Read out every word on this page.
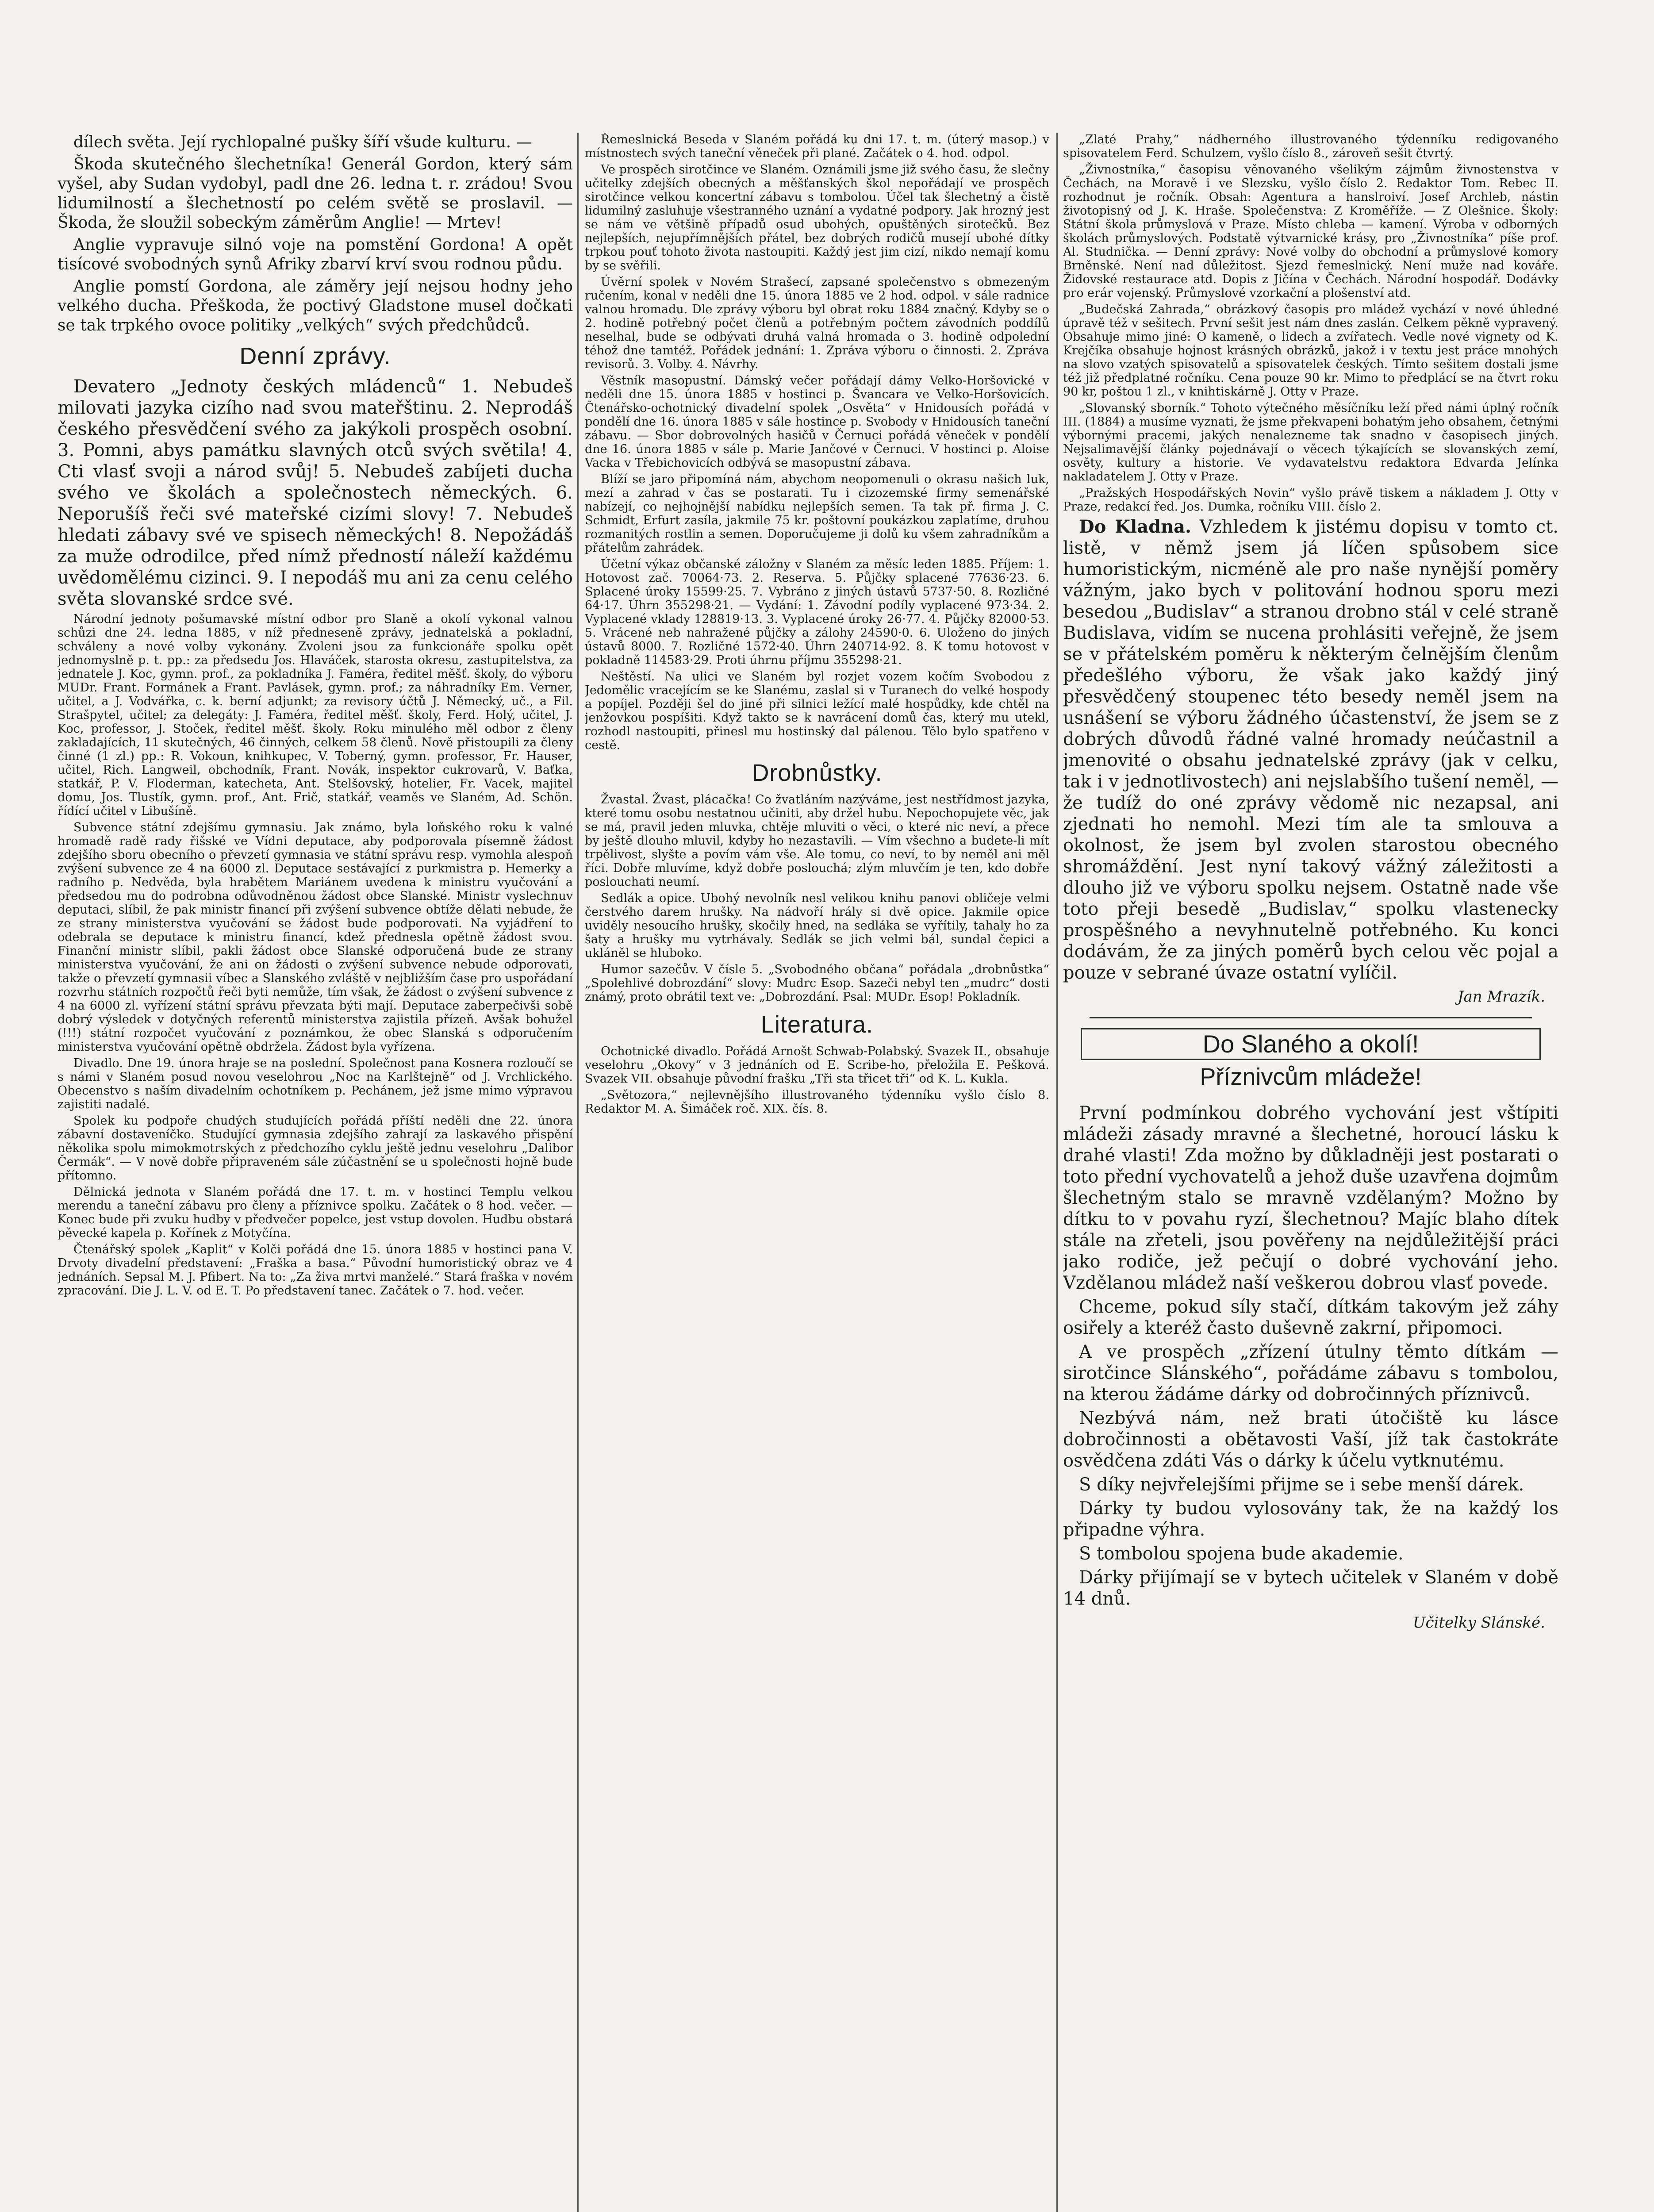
dílech světa. Její rychlopalné pušky šíří všude kulturu. —

Škoda skutečného šlechetníka! Generál Gordon, který sám vyšel, aby Sudan vydobyl, padl dne 26. ledna t. r. zrádou! Svou lidumilností a šlechetností po celém světě se proslavil. — Škoda, že sloužil sobeckým záměrům Anglie! — Mrtev!

Anglie vypravuje silnó voje na pomstění Gordona! A opět tisícové svobodných synů Afriky zbarví krví svou rodnou půdu.

Anglie pomstí Gordona, ale záměry její nejsou hodny jeho velkého ducha. Přeškoda, že poctivý Gladstone musel dočkati se tak trpkého ovoce politiky „velkých“ svých předchůdců.

Denní zprávy.

Devatero „Jednoty českých mládenců“ 1. Nebudeš milovati jazyka cizího nad svou mateřštinu. 2. Neprodáš českého přesvědčení svého za jakýkoli prospěch osobní. 3. Pomni, abys památku slavných otců svých světila! 4. Cti vlasť svoji a národ svůj! 5. Nebudeš zabíjeti ducha svého ve školách a společnostech německých. 6. Neporušíš řeči své mateřské cizími slovy! 7. Nebudeš hledati zábavy své ve spisech německých! 8. Nepožádáš za muže odrodilce, před nímž předností náleží každému uvědomělému cizinci. 9. I nepodáš mu ani za cenu celého světa slovanské srdce své.

Národní jednoty pošumavské místní odbor pro Slaně a okolí vykonal valnou schůzi dne 24. ledna 1885, v níž předneseně zprávy, jednatelská a pokladní, schváleny a nové volby vykonány. Zvoleni jsou za funkcionáře spolku opět jednomyslně p. t. pp.: za předsedu Jos. Hlaváček, starosta okresu, zastupitelstva, za jednatele J. Koc, gymn. prof., za pokladníka J. Faméra, ředitel měšť. školy, do výboru MUDr. Frant. Formánek a Frant. Pavlásek, gymn. prof.; za náhradníky Em. Verner, učitel, a J. Vodvářka, c. k. berní adjunkt; za revisory účtů J. Německý, uč., a Fil. Strašpytel, učitel; za delegáty: J. Faméra, ředitel měšť. školy, Ferd. Holý, učitel, J. Koc, professor, J. Stoček, ředitel měšť. školy. Roku minulého měl odbor z členy zakladajících, 11 skutečných, 46 činných, celkem 58 členů. Nově přistoupili za členy činné (1 zl.) pp.: R. Vokoun, knihkupec, V. Toberný, gymn. professor, Fr. Hauser, učitel, Rich. Langweil, obchodník, Frant. Novák, inspektor cukrovarů, V. Baťka, statkář, P. V. Floderman, katecheta, Ant. Stelšovský, hotelier, Fr. Vacek, majitel domu, Jos. Tlustík, gymn. prof., Ant. Frič, statkář, veaměs ve Slaném, Ad. Schön. řídící učitel v Libušíně.

Subvence státní zdejšímu gymnasiu. Jak známo, byla loňského roku k valné hromadě radě rady řišské ve Vídni deputace, aby podporovala písemně žádost zdejšího sboru obecního o převzetí gymnasia ve státní správu resp. vymohla alespoň zvýšení subvence ze 4 na 6000 zl. Deputace sestávající z purkmistra p. Hemerky a radního p. Nedvěda, byla hrabětem Mariánem uvedena k ministru vyučování a předsedou mu do podrobna odůvodněnou žádost obce Slanské. Ministr vyslechnuv deputaci, slíbil, že pak ministr financí při zvýšení subvence obtíže dělati nebude, že ze strany ministerstva vyučování se žádost bude podporovati. Na vyjádření to odebrala se deputace k ministru financí, kdež přednesla opětně žádost svou. Finanční ministr slíbil, pakli žádost obce Slanské odporučená bude ze strany ministerstva vyučování, že ani on žádosti o zvýšení subvence nebude odporovati, takže o převzetí gymnasii víbec a Slanského zvláště v nejbližším čase pro uspořádaní rozvrhu státních rozpočtů řeči byti nemůže, tím však, že žádost o zvýšení subvence z 4 na 6000 zl. vyřízení státní správu převzata býti mají. Deputace zaberpečivši sobě dobrý výsledek v dotyčných referentů ministerstva zajistila přízeň. Avšak bohužel (!!!) státní rozpočet vyučování z poznámkou, že obec Slanská s odporučením ministerstva vyučování opětně obdržela. Žádost byla vyřízena.

Divadlo. Dne 19. února hraje se na poslední. Společnost pana Kosnera rozloučí se s námi v Slaném posud novou veselohrou „Noc na Karlštejně“ od J. Vrchlického. Obecenstvo s naším divadelním ochotníkem p. Pechánem, jež jsme mimo výpravou zajistiti nadalé.

Spolek ku podpoře chudých studujících pořádá příští neděli dne 22. února zábavní dostaveníčko. Studující gymnasia zdejšího zahrají za laskavého přispění několika spolu mimokmotrských z předchozího cyklu ještě jednu veselohru „Dalibor Čermák“. — V nově dobře připraveném sále zúčastnění se u společnosti hojně bude přítomno.

Dělnická jednota v Slaném pořádá dne 17. t. m. v hostinci Templu velkou merendu a taneční zábavu pro členy a příznivce spolku. Začátek o 8 hod. večer. — Konec bude při zvuku hudby v předvečer popelce, jest vstup dovolen. Hudbu obstará pěvecké kapela p. Kořínek z Motyčína.

Čtenářský spolek „Kaplit“ v Kolči pořádá dne 15. února 1885 v hostinci pana V. Drvoty divadelní představení: „Fraška a basa.“ Původní humoristický obraz ve 4 jednáních. Sepsal M. J. Pfibert. Na to: „Za živa mrtvi manželé.“ Stará fraška v novém zpracování. Die J. L. V. od E. T. Po představení tanec. Začátek o 7. hod. večer.

Řemeslnická Beseda v Slaném pořádá ku dni 17. t. m. (úterý masop.) v místnostech svých taneční věneček při plané. Začátek o 4. hod. odpol.

Ve prospěch sirotčince ve Slaném. Oznámili jsme již svého času, že slečny učitelky zdejších obecných a měšťanských škol nepořádají ve prospěch sirotčince velkou koncertní zábavu s tombolou. Účel tak šlechetný a čistě lidumilný zasluhuje všestranného uznání a vydatné podpory. Jak hrozný jest se nám ve většině případů osud ubohých, opuštěných sirotečků. Bez nejlepších, nejupřímnějších přátel, bez dobrých rodičů musejí ubohé dítky trpkou pouť tohoto života nastoupiti. Každý jest jim cizí, nikdo nemají komu by se svěřili.

Úvěrní spolek v Novém Strašecí, zapsané společenstvo s obmezeným ručením, konal v neděli dne 15. února 1885 ve 2 hod. odpol. v sále radnice valnou hromadu. Dle zprávy výboru byl obrat roku 1884 značný. Kdyby se o 2. hodině potřebný počet členů a potřebným počtem závodních poddílů neselhal, bude se odbývati druhá valná hromada o 3. hodině odpolední téhož dne tamtéž. Pořádek jednání: 1. Zpráva výboru o činnosti. 2. Zpráva revisorů. 3. Volby. 4. Návrhy.

Věstník masopustní. Dámský večer pořádají dámy Velko-Horšovické v neděli dne 15. února 1885 v hostinci p. Švancara ve Velko-Horšovicích. Čtenářsko-ochotnický divadelní spolek „Osvěta“ v Hnidousích pořádá v pondělí dne 16. února 1885 v sále hostince p. Svobody v Hnidousích taneční zábavu. — Sbor dobrovolných hasičů v Černuci pořádá věneček v pondělí dne 16. února 1885 v sále p. Marie Jančové v Černuci. V hostinci p. Aloise Vacka v Třebichovicích odbývá se masopustní zábava.

Blíží se jaro připomíná nám, abychom neopomenuli o okrasu našich luk, mezí a zahrad v čas se postarati. Tu i cizozemské firmy semenářské nabízejí, co nejhojnější nabídku nejlepších semen. Ta tak př. firma J. C. Schmidt, Erfurt zasíla, jakmile 75 kr. poštovní poukázkou zaplatíme, druhou rozmanitých rostlin a semen. Doporučujeme ji dolů ku všem zahradníkům a přátelům zahrádek.

Účetní výkaz občanské záložny v Slaném za měsíc leden 1885. Příjem: 1. Hotovost zač. 70064·73. 2. Reserva. 5. Půjčky splacené 77636·23. 6. Splacené úroky 15599·25. 7. Vybráno z jiných ústavů 5737·50. 8. Rozličné 64·17. Úhrn 355298·21. — Vydání: 1. Závodní podíly vyplacené 973·34. 2. Vyplacené vklady 128819·13. 3. Vyplacené úroky 26·77. 4. Půjčky 82000·53. 5. Vrácené neb nahražené půjčky a zálohy 24590·0. 6. Uloženo do jiných ústavů 8000. 7. Rozličné 1572·40. Úhrn 240714·92. 8. K tomu hotovost v pokladně 114583·29. Proti úhrnu příjmu 355298·21.

Neštěstí. Na ulici ve Slaném byl rozjet vozem kočím Svobodou z Jedomělic vracejícím se ke Slanému, zaslal si v Turanech do velké hospody a popíjel. Později šel do jiné při silnici ležící malé hospůdky, kde chtěl na jenžovkou pospíšiti. Když takto se k navrácení domů čas, který mu utekl, rozhodl nastoupiti, přinesl mu hostinský dal pálenou. Tělo bylo spatřeno v cestě.

Drobnůstky.

Žvastal. Žvast, plácačka! Co žvatláním nazýváme, jest nestřídmost jazyka, které tomu osobu nestatnou učiniti, aby držel hubu. Nepochopujete věc, jak se má, pravil jeden mluvka, chtěje mluviti o věci, o které nic neví, a přece by ještě dlouho mluvil, kdyby ho nezastavili. — Vím všechno a budete-li mít trpělivost, slyšte a povím vám vše. Ale tomu, co neví, to by neměl ani měl říci. Dobře mluvíme, když dobře poslouchá; zlým mluvčím je ten, kdo dobře poslouchati neumí.

Sedlák a opice. Ubohý nevolník nesl velikou knihu panovi obličeje velmi čerstvého darem hrušky. Na nádvoří hrály si dvě opice. Jakmile opice uviděly nesoucího hrušky, skočily hned, na sedláka se vyřítily, tahaly ho za šaty a hrušky mu vytrhávaly. Sedlák se jich velmi bál, sundal čepici a ukláněl se hluboko.

Humor sazečův. V čísle 5. „Svobodného občana“ pořádala „drobnůstka“ „Spolehlivé dobrozdání“ slovy: Mudrc Esop. Sazeči nebyl ten „mudrc“ dosti známý, proto obrátil text ve: „Dobrozdání. Psal: MUDr. Esop! Pokladník.

Literatura.

Ochotnické divadlo. Pořádá Arnošt Schwab-Polabský. Svazek II., obsahuje veselohru „Okovy“ v 3 jednáních od E. Scribe-ho, přeložila E. Pešková. Svazek VII. obsahuje původní frašku „Tři sta třicet tři“ od K. L. Kukla.

„Světozora,“ nejlevnějšího illustrovaného týdenníku vyšlo číslo 8. Redaktor M. A. Šimáček roč. XIX. čís. 8.

„Zlaté Prahy,“ nádherného illustrovaného týdenníku redigovaného spisovatelem Ferd. Schulzem, vyšlo číslo 8., zároveň sešit čtvrtý.

„Živnostníka,“ časopisu věnovaného všelikým zájmům živnostenstva v Čechách, na Moravě i ve Slezsku, vyšlo číslo 2. Redaktor Tom. Rebec II. rozhodnut je ročník. Obsah: Agentura a hanslroiví. Josef Archleb, nástin životopisný od J. K. Hraše. Společenstva: Z Kroměříže. — Z Olešnice. Školy: Státní škola průmyslová v Praze. Místo chleba — kamení. Výroba v odborných školách průmyslových. Podstatě výtvarnické krásy, pro „Živnostníka“ píše prof. Al. Studnička. — Denní zprávy: Nové volby do obchodní a průmyslové komory Brněnské. Není nad důležitost. Sjezd řemeslnický. Není muže nad kováře. Židovské restaurace atd. Dopis z Jičína v Čechách. Národní hospodář. Dodávky pro erár vojenský. Průmyslové vzorkační a plošenství atd.

„Budečská Zahrada,“ obrázkový časopis pro mládež vychází v nové úhledné úpravě též v sešitech. První sešit jest nám dnes zaslán. Celkem pěkně vypravený. Obsahuje mimo jiné: O kameně, o lidech a zvířatech. Vedle nové vignety od K. Krejčíka obsahuje hojnost krásných obrázků, jakož i v textu jest práce mnohých na slovo vzatých spisovatelů a spisovatelek českých. Tímto sešitem dostali jsme též již předplatné ročníku. Cena pouze 90 kr. Mimo to předplácí se na čtvrt roku 90 kr, poštou 1 zl., v knihtiskárně J. Otty v Praze.

„Slovanský sborník.“ Tohoto výtečného měsíčníku leží před námi úplný ročník III. (1884) a musíme vyznati, že jsme překvapeni bohatým jeho obsahem, četnými výbornými pracemi, jakých nenalezneme tak snadno v časopisech jiných. Nejsalimavější články pojednávají o věcech týkajících se slovanských zemí, osvěty, kultury a historie. Ve vydavatelstvu redaktora Edvarda Jelínka nakladatelem J. Otty v Praze.

„Pražských Hospodářských Novin“ vyšlo právě tiskem a nákladem J. Otty v Praze, redakcí řed. Jos. Dumka, ročníku VIII. číslo 2.

Do Kladna. Vzhledem k jistému dopisu v tomto ct. listě, v němž jsem já líčen spůsobem sice humoristickým, nicméně ale pro naše nynější poměry vážným, jako bych v politování hodnou sporu mezi besedou „Budislav“ a stranou drobno stál v celé straně Budislava, vidím se nucena prohlásiti veřejně, že jsem se v přátelském poměru k některým čelnějším členům předešlého výboru, že však jako každý jiný přesvědčený stoupenec této besedy neměl jsem na usnášení se výboru žádného účastenství, že jsem se z dobrých důvodů řádné valné hromady neúčastnil a jmenovité o obsahu jednatelské zprávy (jak v celku, tak i v jednotlivostech) ani nejslabšího tušení neměl, — že tudíž do oné zprávy vědomě nic nezapsal, ani zjednati ho nemohl. Mezi tím ale ta smlouva a okolnost, že jsem byl zvolen starostou obecného shromáždění. Jest nyní takový vážný záležitosti a dlouho již ve výboru spolku nejsem. Ostatně nade vše toto přeji besedě „Budislav,“ spolku vlastenecky prospěšného a nevyhnutelně potřebného. Ku konci dodávám, že za jiných poměrů bych celou věc pojal a pouze v sebrané úvaze ostatní vylíčil.

Jan Mrazík.
Do Slaného a okolí!
Příznivcům mládeže!

První podmínkou dobrého vychování jest vštípiti mládeži zásady mravné a šlechetné, horoucí lásku k drahé vlasti! Zda možno by důkladněji jest postarati o toto přední vychovatelů a jehož duše uzavřena dojmům šlechetným stalo se mravně vzdělaným? Možno by dítku to v povahu ryzí, šlechetnou? Majíc blaho dítek stále na zřeteli, jsou pověřeny na nejdůležitější práci jako rodiče, jež pečují o dobré vychování jeho. Vzdělanou mládež naší veškerou dobrou vlasť povede.

Chceme, pokud síly stačí, dítkám takovým jež záhy osiřely a kteréž často duševně zakrní, připomoci.

A ve prospěch „zřízení útulny těmto dítkám — sirotčince Slánského“, pořádáme zábavu s tombolou, na kterou žádáme dárky od dobročinných příznivců.

Nezbývá nám, než brati útočiště ku lásce dobročinnosti a obětavosti Vaší, jíž tak častokráte osvědčena zdáti Vás o dárky k účelu vytknutému.

S díky nejvřelejšími přijme se i sebe menší dárek.

Dárky ty budou vylosovány tak, že na každý los připadne výhra.

S tombolou spojena bude akademie.

Dárky přijímají se v bytech učitelek v Slaném v době 14 dnů.

Učitelky Slánské.
